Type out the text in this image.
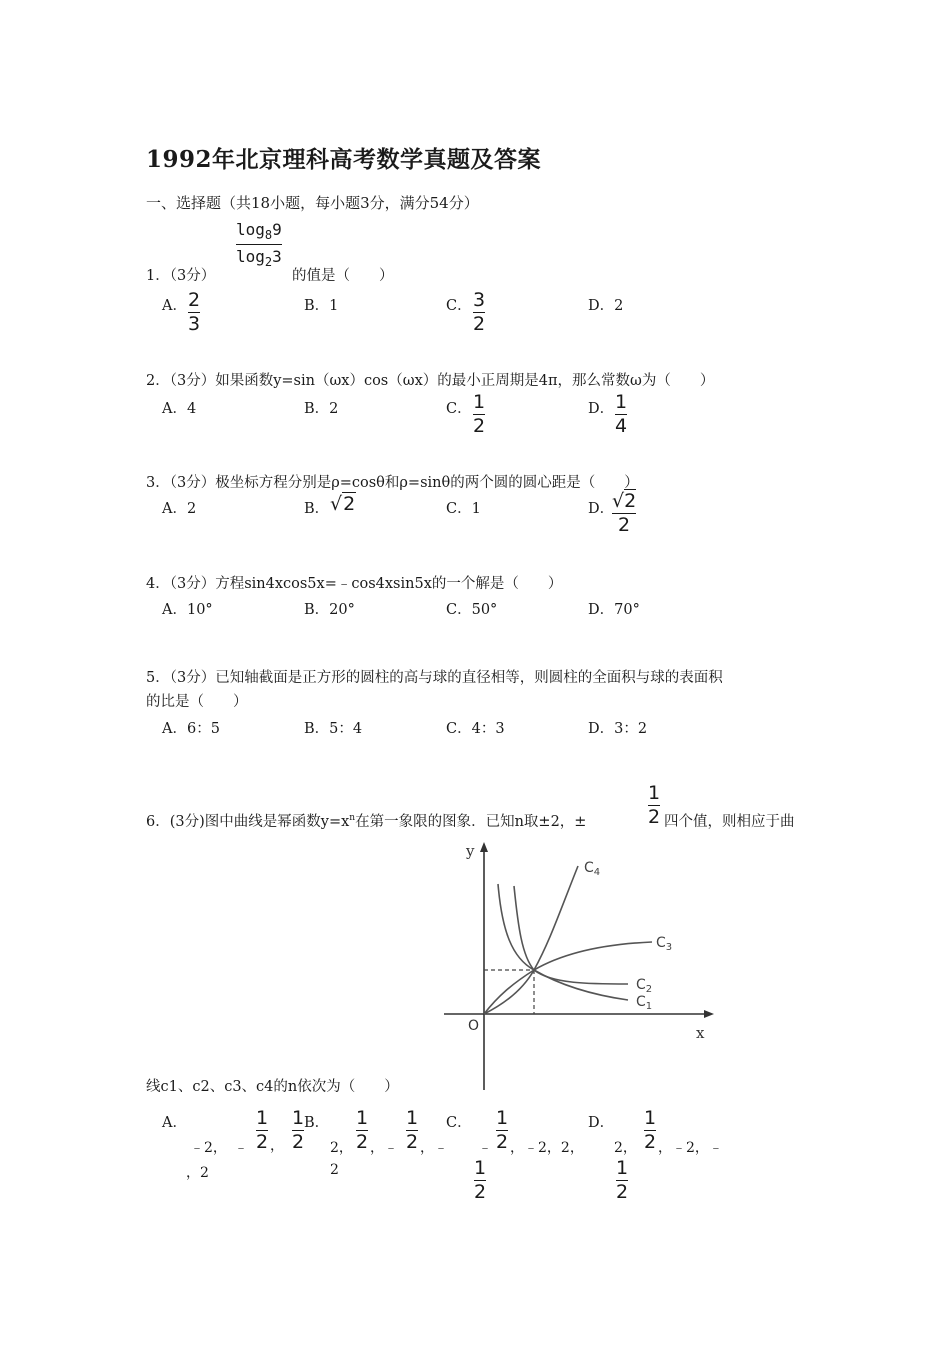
1992年北京理科高考数学真题及答案
一、选择题（共18小题，每小题3分，满分54分）
1．（3分）
$\log_89$
$\log_23$
的值是（　　）
A． 2
3
B．1	C． 3
2
D．2
2．（3分）如果函数y=sin（ωx）cos（ωx）的最小正周期是4π，那么常数ω为（　　）
A．4	B．2	C． 1
2
D． 1
4
3．（3分）极坐标方程分别是ρ=cosθ和ρ=sinθ的两个圆的圆心距是（　　）
A．2	B． √2	C．1	D．
√2
2
4．（3分）方程sin4xcos5x=﹣cos4xsin5x的一个解是（　　）
A．10°	B．20°	C．50°	D．70°
5．（3分）已知轴截面是正方形的圆柱的高与球的直径相等，则圆柱的全面积与球的表面积
的比是（　　）
A．6：5	B．5：4	C．4：3	D．3：2
6．(3分)图中曲线是幂函数$y=x^n$在第一象限的图象．已知n取±2，±
1
2 四个值，则相应于曲
y
x
O
$C_4$
$C_3$
$C_2$
$C_1$
线c1、c2、c3、c4的n依次为（　　）
A．
﹣2， ﹣
1
2 ，
1
2
，2
B．
2，
1
2 ，﹣
1
2 ，﹣
2
C．
﹣
1
2 ，﹣2，2，
1
2
D．
2，
1
2 ，﹣2，﹣
1
2
